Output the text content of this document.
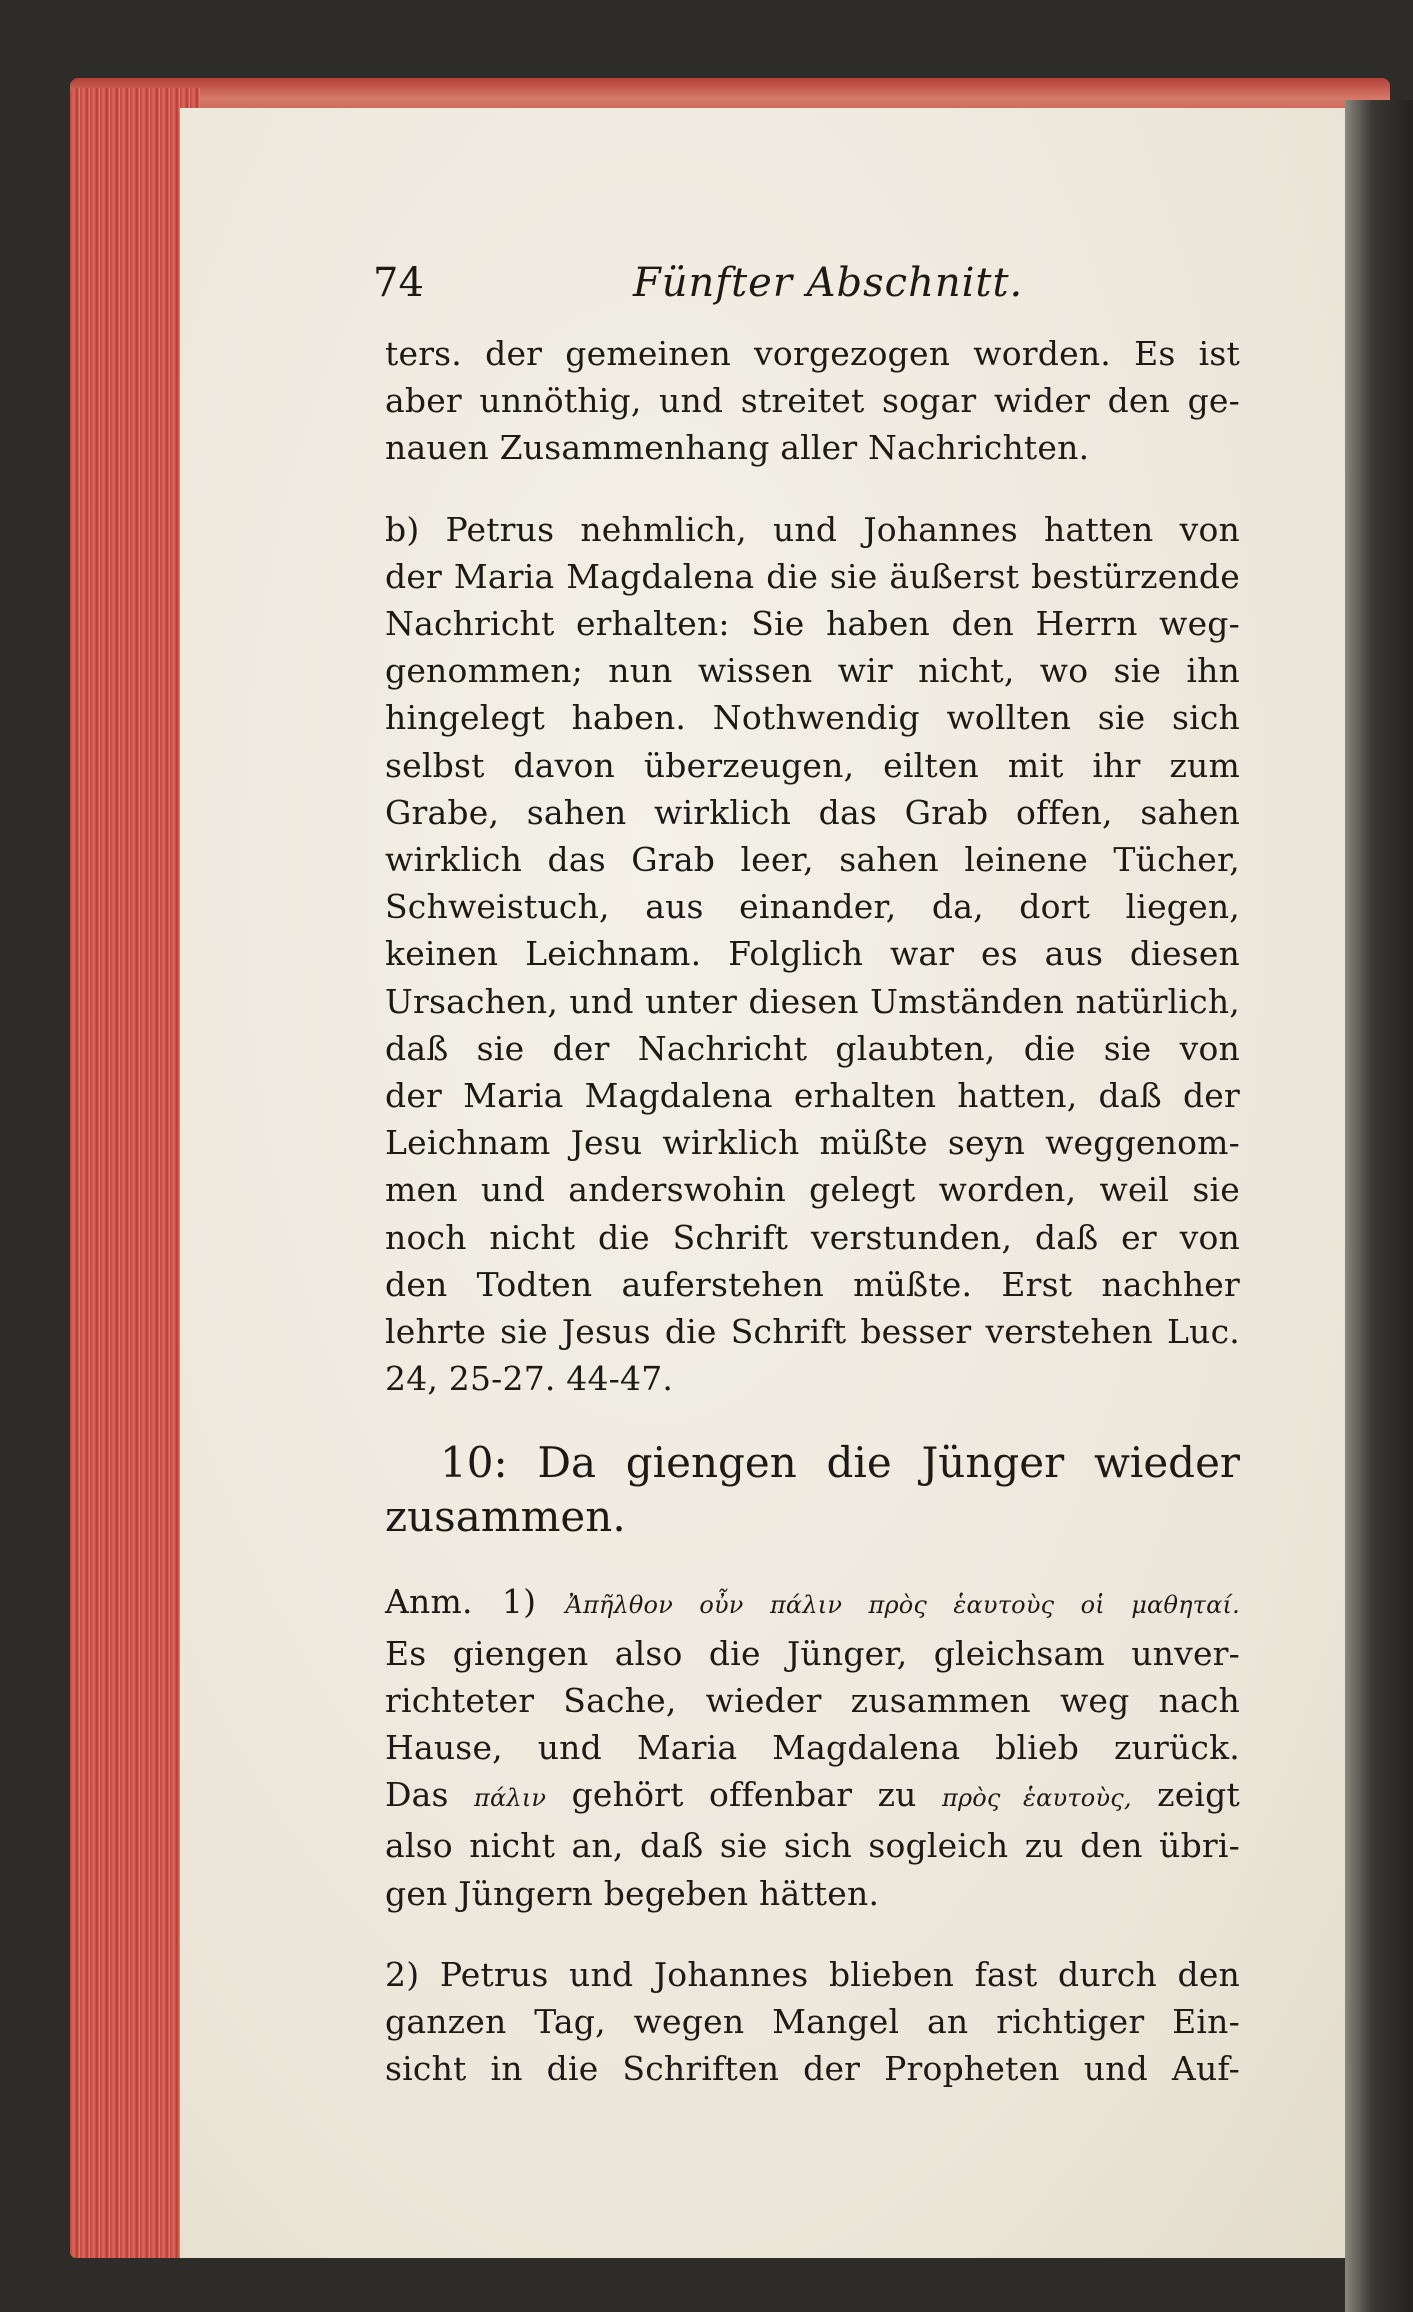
74	Fünfter Abschnitt.
ters. der gemeinen vorgezogen worden. Es ist
aber unnöthig, und streitet sogar wider den ge-
nauen Zusammenhang aller Nachrichten.
b) Petrus nehmlich, und Johannes hatten von
der Maria Magdalena die sie äußerst bestürzende
Nachricht erhalten: Sie haben den Herrn weg-
genommen; nun wissen wir nicht, wo sie ihn
hingelegt haben. Nothwendig wollten sie sich
selbst davon überzeugen, eilten mit ihr zum
Grabe, sahen wirklich das Grab offen, sahen
wirklich das Grab leer, sahen leinene Tücher,
Schweistuch, aus einander, da, dort liegen,
keinen Leichnam. Folglich war es aus diesen
Ursachen, und unter diesen Umständen natürlich,
daß sie der Nachricht glaubten, die sie von
der Maria Magdalena erhalten hatten, daß der
Leichnam Jesu wirklich müßte seyn weggenom-
men und anderswohin gelegt worden, weil sie
noch nicht die Schrift verstunden, daß er von
den Todten auferstehen müßte. Erst nachher
lehrte sie Jesus die Schrift besser verstehen Luc.
24, 25-27. 44-47.
10: Da giengen die Jünger wieder
zusammen.
Anm. 1) Ἀπῆλθον οὖν πάλιν πρὸς ἑαυτοὺς οἱ μαθηταί.
Es giengen also die Jünger, gleichsam unver-
richteter Sache, wieder zusammen weg nach
Hause, und Maria Magdalena blieb zurück.
Das πάλιν gehört offenbar zu πρὸς ἑαυτοὺς, zeigt
also nicht an, daß sie sich sogleich zu den übri-
gen Jüngern begeben hätten.
2) Petrus und Johannes blieben fast durch den
ganzen Tag, wegen Mangel an richtiger Ein-
sicht in die Schriften der Propheten und Auf-
